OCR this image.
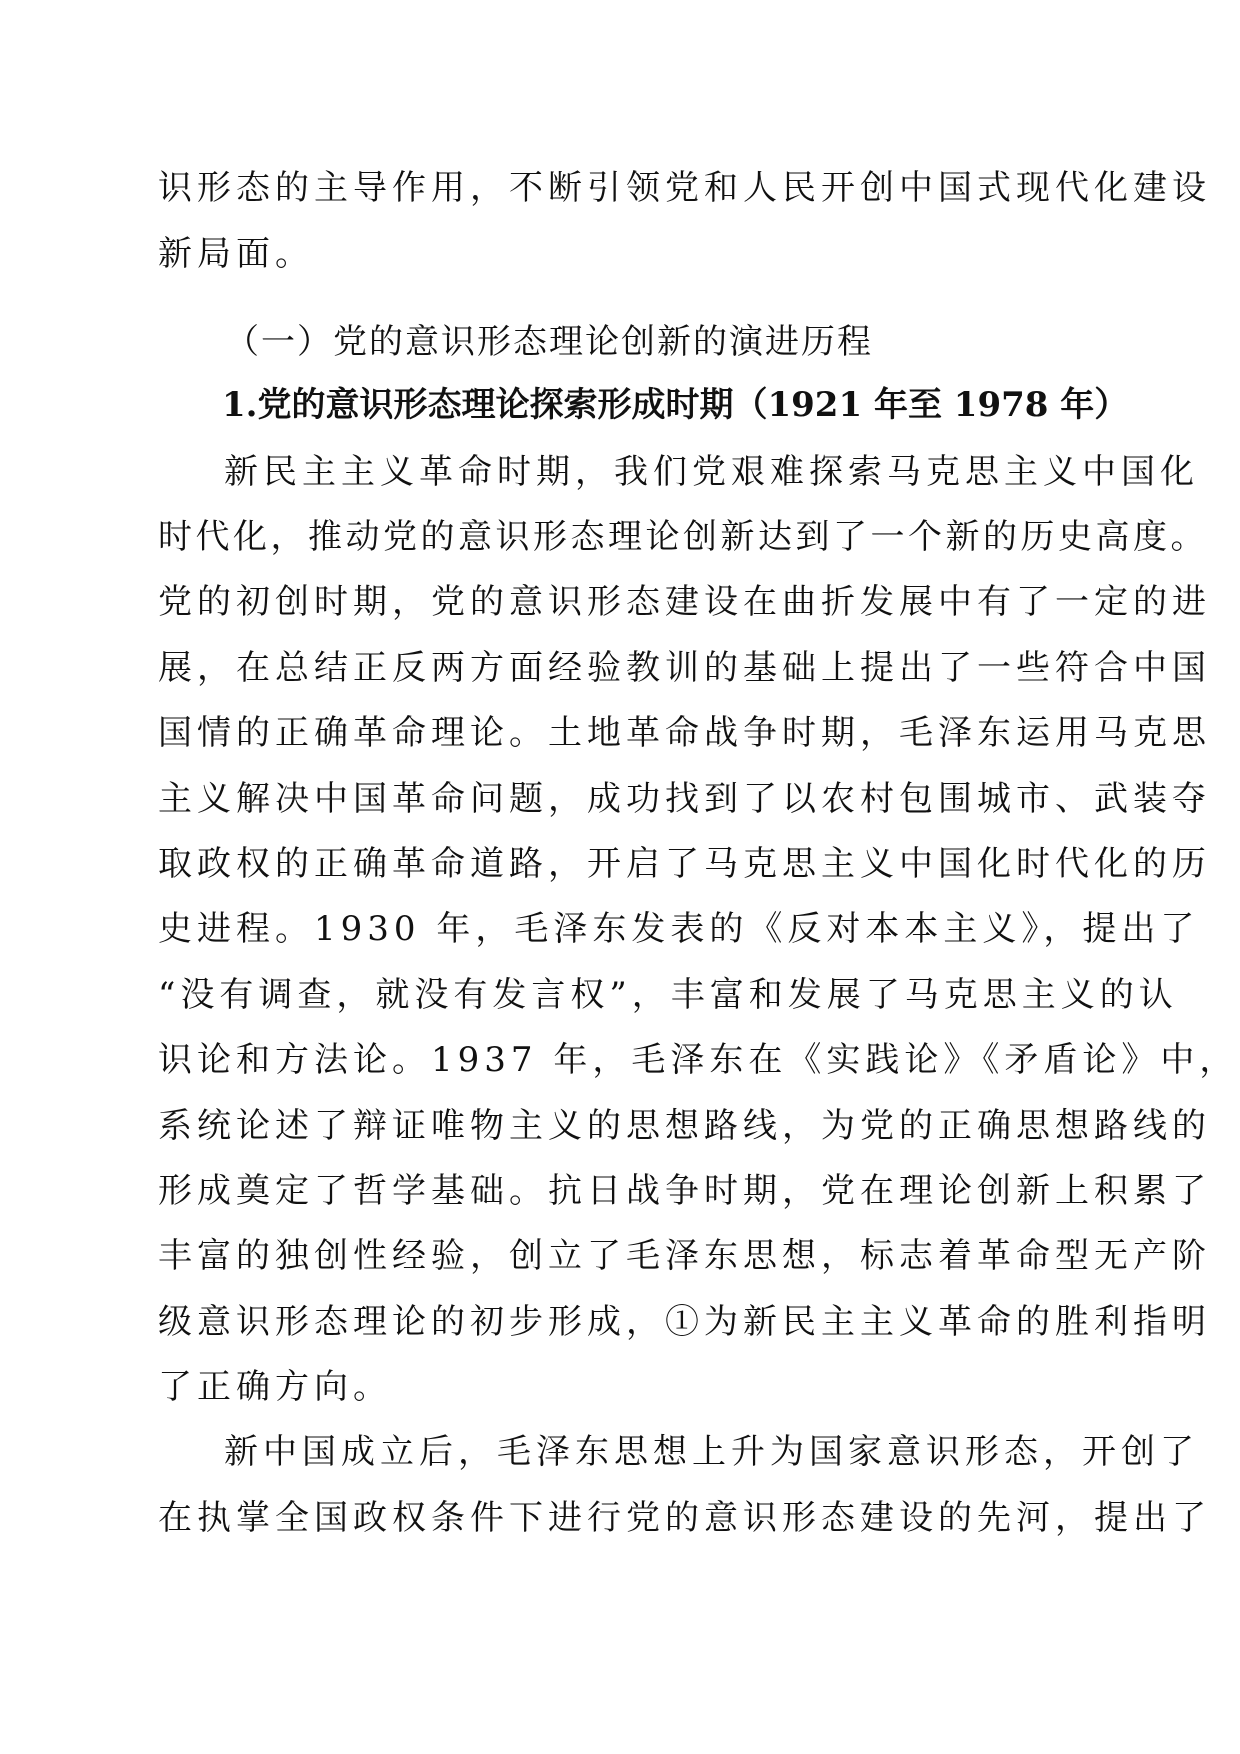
识形态的主导作用，不断引领党和人民开创中国式现代化建设
新局面。
（一）党的意识形态理论创新的演进历程
1.党的意识形态理论探索形成时期（1921 年至 1978 年）
新民主主义革命时期，我们党艰难探索马克思主义中国化
时代化，推动党的意识形态理论创新达到了一个新的历史高度。
党的初创时期，党的意识形态建设在曲折发展中有了一定的进
展，在总结正反两方面经验教训的基础上提出了一些符合中国
国情的正确革命理论。土地革命战争时期，毛泽东运用马克思
主义解决中国革命问题，成功找到了以农村包围城市、武装夺
取政权的正确革命道路，开启了马克思主义中国化时代化的历
史进程。1930 年，毛泽东发表的《反对本本主义》，提出了
“没有调查，就没有发言权”，丰富和发展了马克思主义的认
识论和方法论。1937 年，毛泽东在《实践论》《矛盾论》中，
系统论述了辩证唯物主义的思想路线，为党的正确思想路线的
形成奠定了哲学基础。抗日战争时期，党在理论创新上积累了
丰富的独创性经验，创立了毛泽东思想，标志着革命型无产阶
级意识形态理论的初步形成，①为新民主主义革命的胜利指明
了正确方向。
新中国成立后，毛泽东思想上升为国家意识形态，开创了
在执掌全国政权条件下进行党的意识形态建设的先河，提出了
